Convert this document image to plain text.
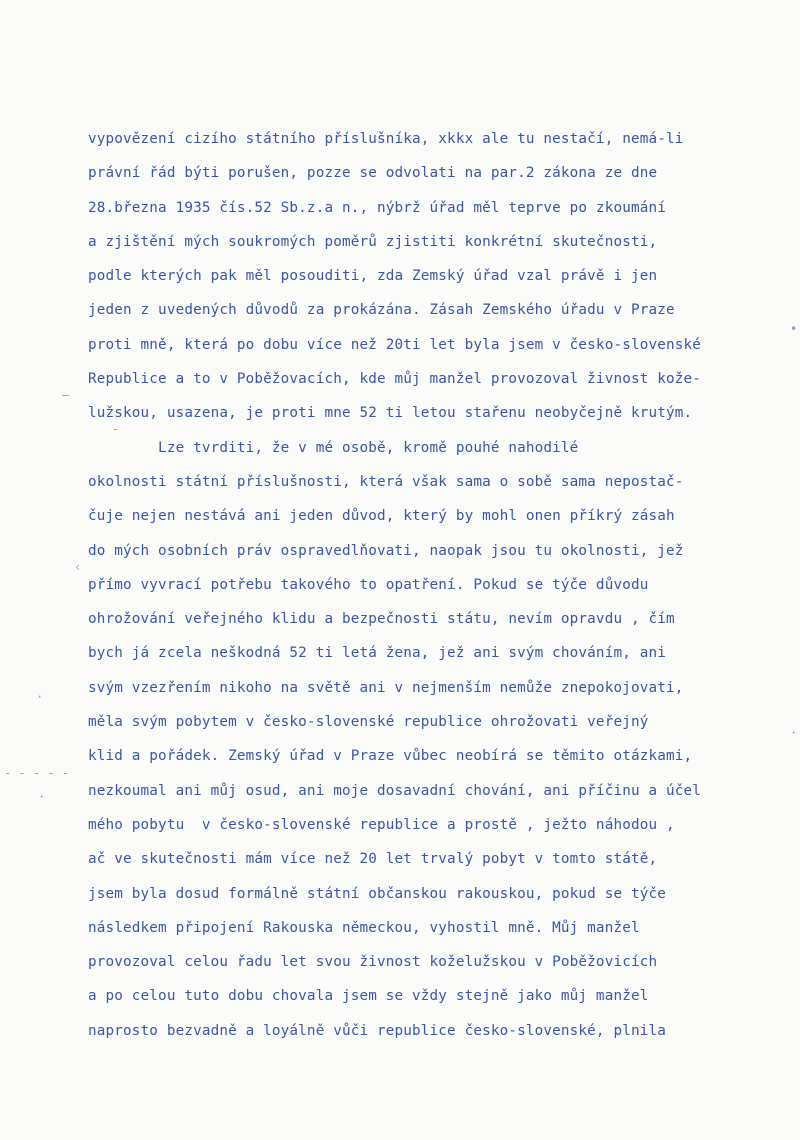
–
-
‹
·
- - - - -
·
•
·
vypovězení cizího státního příslušníka, xkkx ale tu nestačí, nemá-li
právní řád býti porušen, pozze se odvolati na par.2 zákona ze dne
28.března 1935 čís.52 Sb.z.a n., nýbrž úřad měl teprve po zkoumání
a zjištění mých soukromých poměrů zjistiti konkrétní skutečnosti,
podle kterých pak měl posouditi, zda Zemský úřad vzal právě i jen
jeden z uvedených důvodů za prokázána. Zásah Zemského úřadu v Praze
proti mně, která po dobu více než 20ti let byla jsem v česko-slovenské
Republice a to v Poběžovacích, kde můj manžel provozoval živnost kože-
lužskou, usazena, je proti mne 52 ti letou stařenu neobyčejně krutým.
Lze tvrditi, že v mé osobě, kromě pouhé nahodilé
okolnosti státní příslušnosti, která však sama o sobě sama nepostač-
čuje nejen nestává ani jeden důvod, který by mohl onen příkrý zásah
do mých osobních práv ospravedlňovati, naopak jsou tu okolnosti, jež
přímo vyvrací potřebu takového to opatření. Pokud se týče důvodu
ohrožování veřejného klidu a bezpečnosti státu, nevím opravdu , čím
bych já zcela neškodná 52 ti letá žena, jež ani svým chováním, ani
svým vzezřením nikoho na světě ani v nejmenším nemůže znepokojovati,
měla svým pobytem v česko-slovenské republice ohrožovati veřejný
klid a pořádek. Zemský úřad v Praze vůbec neobírá se těmito otázkami,
nezkoumal ani můj osud, ani moje dosavadní chování, ani příčinu a účel
mého pobytu  v česko-slovenské republice a prostě , ježto náhodou ,
ač ve skutečnosti mám více než 20 let trvalý pobyt v tomto státě,
jsem byla dosud formálně státní občanskou rakouskou, pokud se týče
následkem připojení Rakouska německou, vyhostil mně. Můj manžel
provozoval celou řadu let svou živnost koželužskou v Poběžovicích
a po celou tuto dobu chovala jsem se vždy stejně jako můj manžel
naprosto bezvadně a loyálně vůči republice česko-slovenské, plnila
